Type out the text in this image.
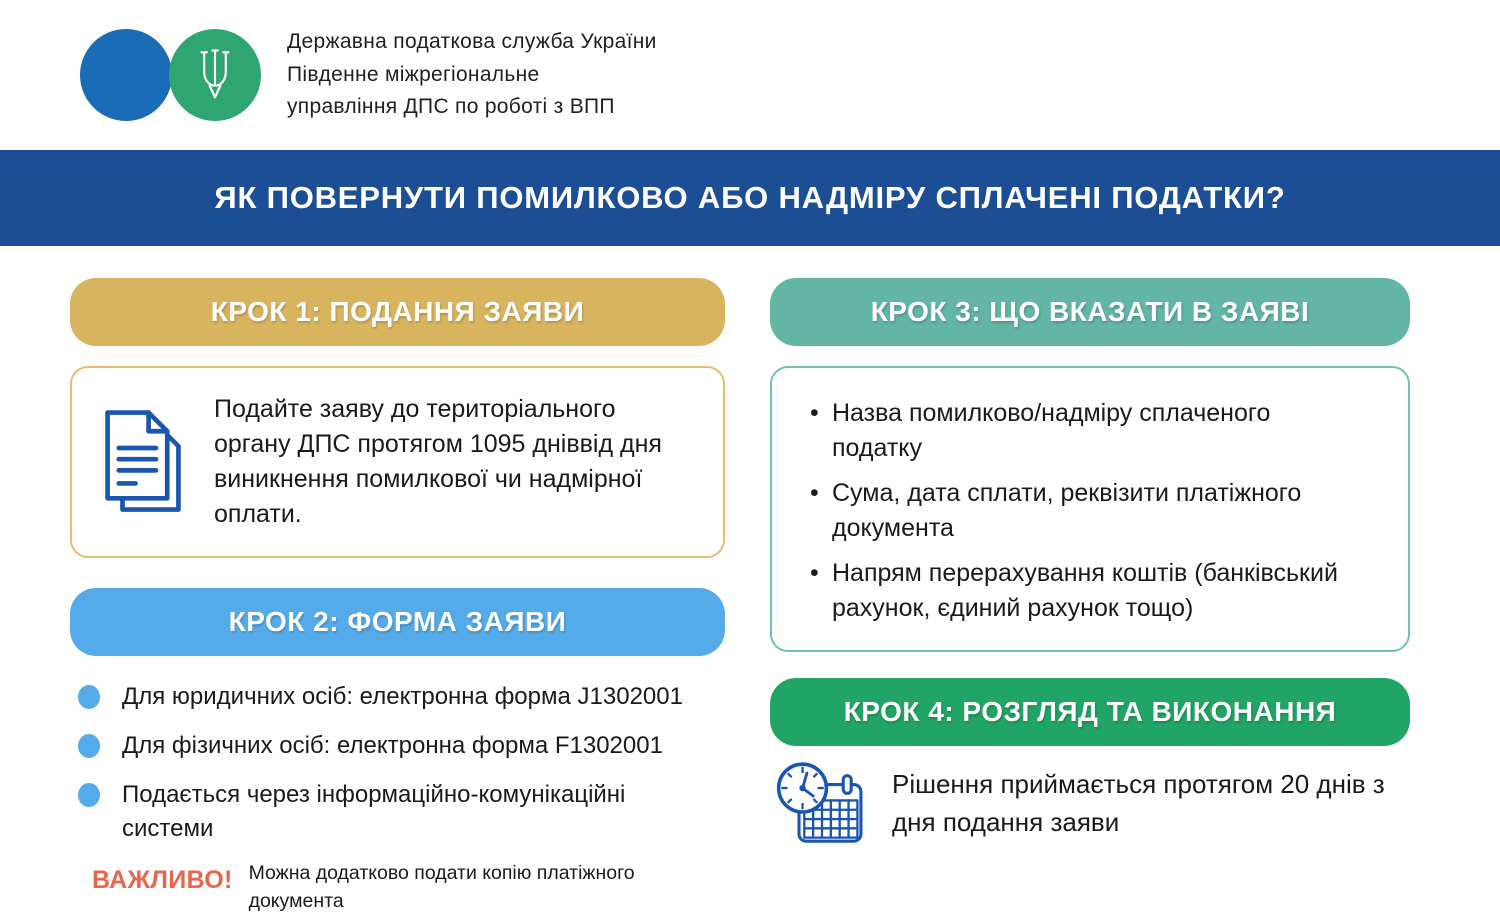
Державна податкова служба України
Південне міжрегіональне
управління ДПС по роботі з ВПП
ЯК ПОВЕРНУТИ ПОМИЛКОВО АБО НАДМІРУ СПЛАЧЕНІ ПОДАТКИ?
КРОК 1: ПОДАННЯ ЗАЯВИ
Подайте заяву до територіального органу ДПС протягом 1095 дніввід дня виникнення помилкової чи надмірної оплати.
КРОК 2: ФОРМА ЗАЯВИ
Для юридичних осіб: електронна форма J1302001
Для фізичних осіб: електронна форма F1302001
Подається через інформаційно-комунікаційні системи
ВАЖЛИВО! Можна додатково подати копію платіжного документа
КРОК 3: ЩО ВКАЗАТИ В ЗАЯВІ
• Назва помилково/надміру сплаченого податку
• Сума, дата сплати, реквізити платіжного документа
• Напрям перерахування коштів (банківський рахунок, єдиний рахунок тощо)
КРОК 4: РОЗГЛЯД ТА ВИКОНАННЯ
Рішення приймається протягом 20 днів з дня подання заяви
